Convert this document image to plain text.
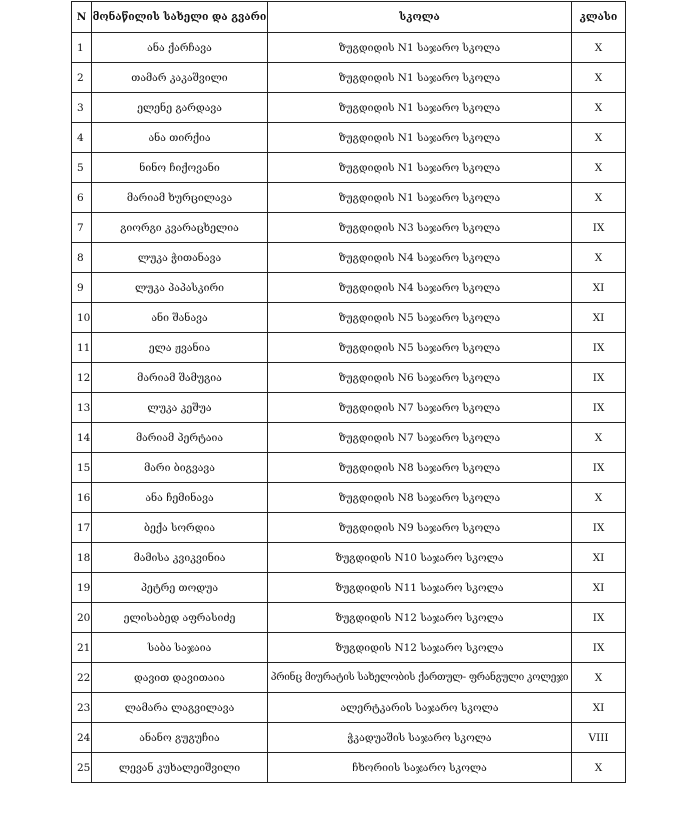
N	მონაწილის სახელი და გვარი	სკოლა	კლასი
1	ანა ქარჩავა	ზუგდიდის N1 საჯარო სკოლა	X
2	თამარ კაკაშვილი	ზუგდიდის N1 საჯარო სკოლა	X
3	ელენე გარდავა	ზუგდიდის N1 საჯარო სკოლა	X
4	ანა თირქია	ზუგდიდის N1 საჯარო სკოლა	X
5	ნინო ჩიქოვანი	ზუგდიდის N1 საჯარო სკოლა	X
6	მარიამ ხურცილავა	ზუგდიდის N1 საჯარო სკოლა	X
7	გიორგი კვარაცხელია	ზუგდიდის N3 საჯარო სკოლა	IX
8	ლუკა ჭითანავა	ზუგდიდის N4 საჯარო სკოლა	X
9	ლუკა პაპასკირი	ზუგდიდის N4 საჯარო სკოლა	XI
10	ანი შანავა	ზუგდიდის N5 საჯარო სკოლა	XI
11	ელა ჟვანია	ზუგდიდის N5 საჯარო სკოლა	IX
12	მარიამ შამუგია	ზუგდიდის N6 საჯარო სკოლა	IX
13	ლუკა კეშუა	ზუგდიდის N7 საჯარო სკოლა	IX
14	მარიამ პერტაია	ზუგდიდის N7 საჯარო სკოლა	X
15	მარი ბიგვავა	ზუგდიდის N8 საჯარო სკოლა	IX
16	ანა ჩემინავა	ზუგდიდის N8 საჯარო სკოლა	X
17	ბექა სორდია	ზუგდიდის N9 საჯარო სკოლა	IX
18	მამისა კვიკვინია	ზუგდიდის N10 საჯარო სკოლა	XI
19	პეტრე თოდუა	ზუგდიდის N11 საჯარო სკოლა	XI
20	ელისაბედ აფრასიძე	ზუგდიდის N12 საჯარო სკოლა	IX
21	საბა საჯაია	ზუგდიდის N12 საჯარო სკოლა	IX
22	დავით დავითაია	პრინც მიურატის სახელობის ქართულ- ფრანგული კოლეჯი	X
23	ლამარა ლაგვილავა	ალერტკარის საჯარო სკოლა	XI
24	ანანო გუგუჩია	ჭკადუაშის საჯარო სკოლა	VIII
25	ლევან კუხალეიშვილი	ჩხორიის საჯარო სკოლა	X
